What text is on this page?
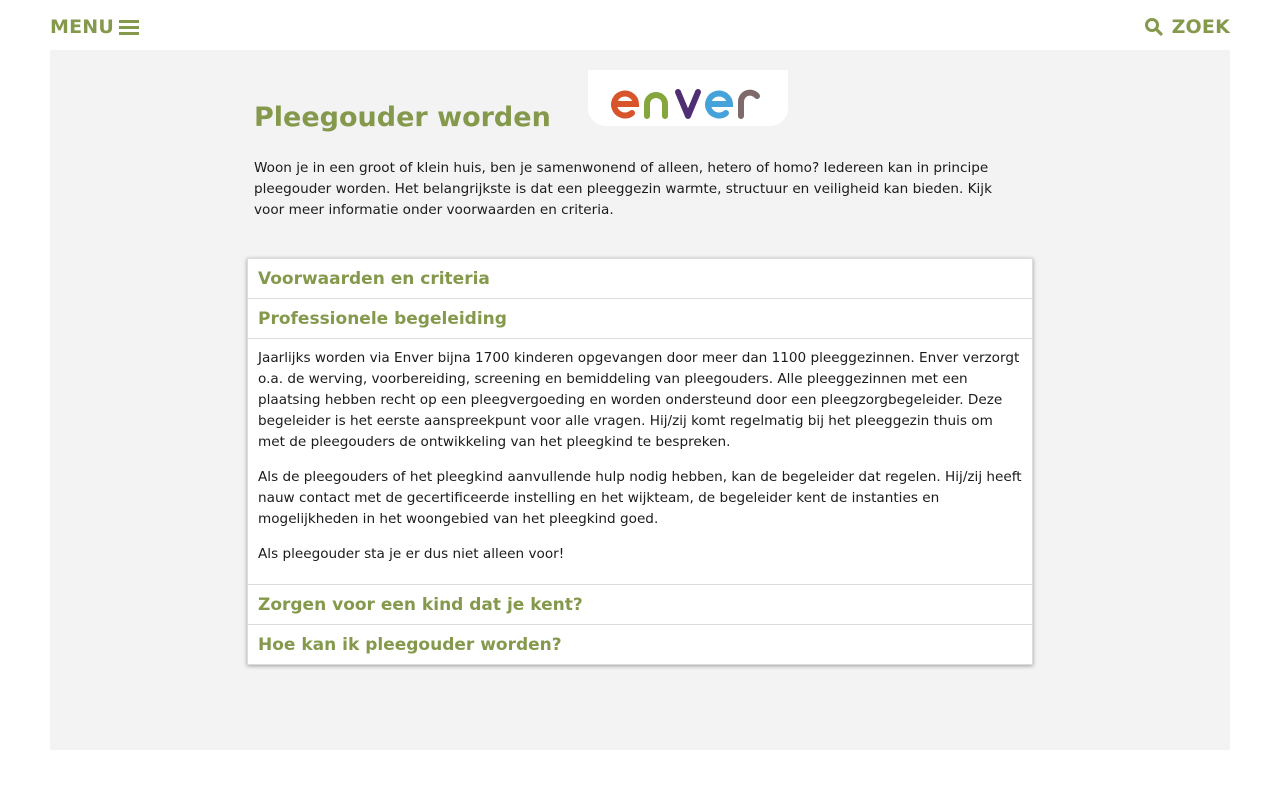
MENU	ZOEK
Pleegouder worden

Woon je in een groot of klein huis, ben je samenwonend of alleen, hetero of homo? Iedereen kan in principe pleegouder worden. Het belangrijkste is dat een pleeggezin warmte, structuur en veiligheid kan bieden. Kijk voor meer informatie onder voorwaarden en criteria.

Voorwaarden en criteria
Professionele begeleiding

Jaarlijks worden via Enver bijna 1700 kinderen opgevangen door meer dan 1100 pleeggezinnen. Enver verzorgt o.a. de werving, voorbereiding, screening en bemiddeling van pleegouders. Alle pleeggezinnen met een plaatsing hebben recht op een pleegvergoeding en worden ondersteund door een pleegzorgbegeleider. Deze begeleider is het eerste aanspreekpunt voor alle vragen. Hij/zij komt regelmatig bij het pleeggezin thuis om met de pleegouders de ontwikkeling van het pleegkind te bespreken.

Als de pleegouders of het pleegkind aanvullende hulp nodig hebben, kan de begeleider dat regelen. Hij/zij heeft nauw contact met de gecertificeerde instelling en het wijkteam, de begeleider kent de instanties en mogelijkheden in het woongebied van het pleegkind goed.

Als pleegouder sta je er dus niet alleen voor!

Zorgen voor een kind dat je kent?
Hoe kan ik pleegouder worden?
